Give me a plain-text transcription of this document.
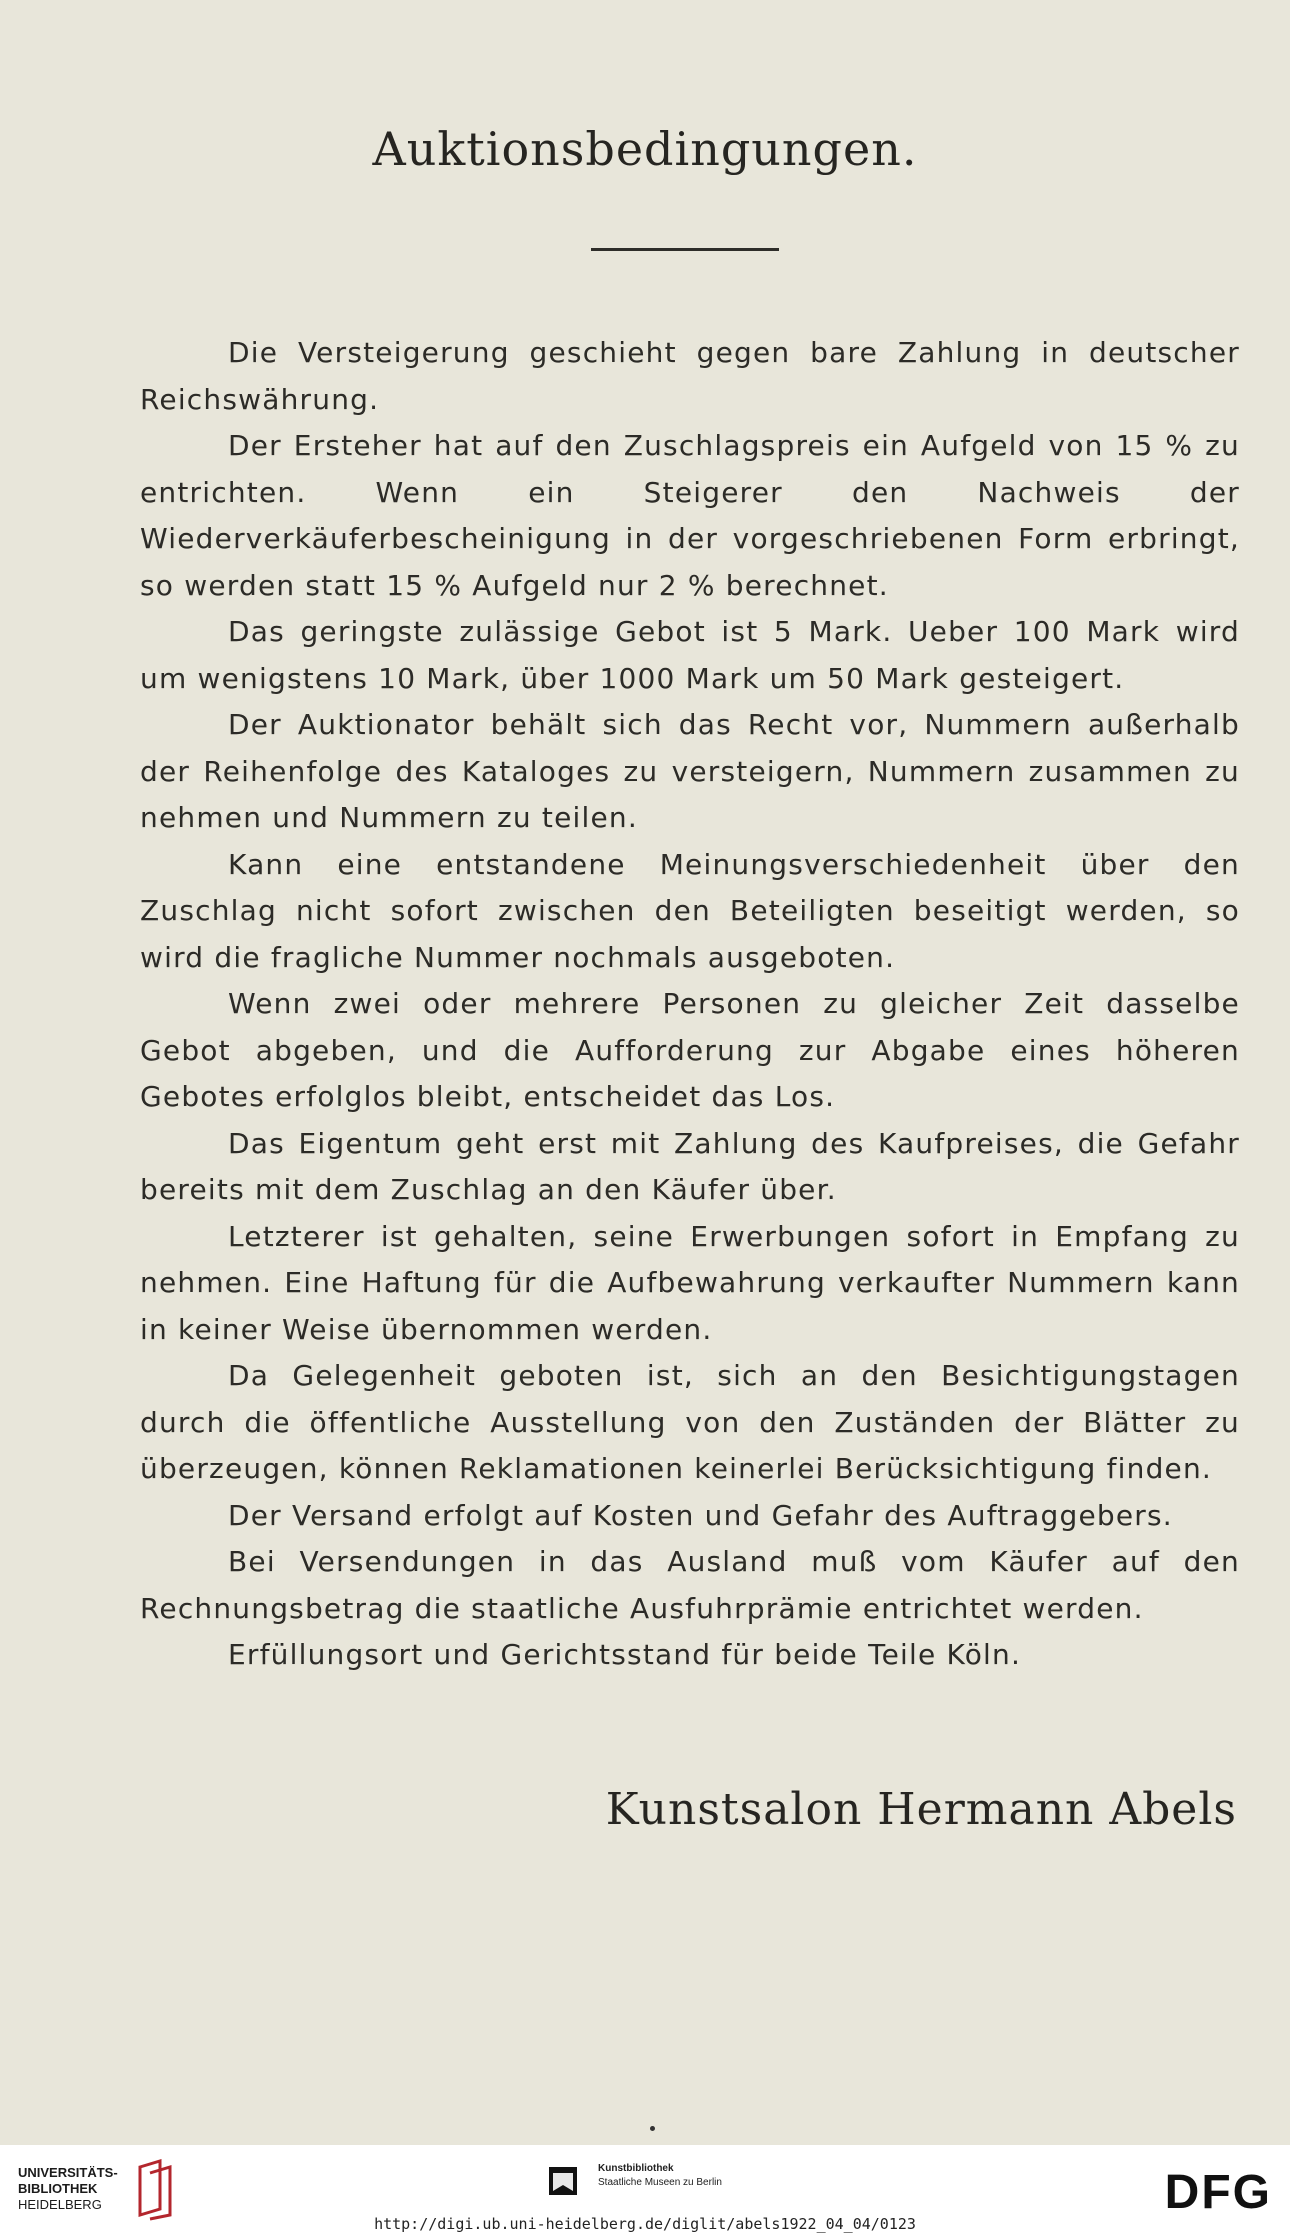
Auktionsbedingungen.

Die Versteigerung geschieht gegen bare Zahlung in deutscher Reichswährung.

Der Ersteher hat auf den Zuschlagspreis ein Aufgeld von 15 % zu entrichten. Wenn ein Steigerer den Nachweis der Wiederverkäuferbescheinigung in der vorgeschriebenen Form erbringt, so werden statt 15 % Aufgeld nur 2 % berechnet.

Das geringste zulässige Gebot ist 5 Mark. Ueber 100 Mark wird um wenigstens 10 Mark, über 1000 Mark um 50 Mark gesteigert.

Der Auktionator behält sich das Recht vor, Nummern außerhalb der Reihenfolge des Kataloges zu versteigern, Nummern zusammen zu nehmen und Nummern zu teilen.

Kann eine entstandene Meinungsverschiedenheit über den Zuschlag nicht sofort zwischen den Beteiligten beseitigt werden, so wird die fragliche Nummer nochmals ausgeboten.

Wenn zwei oder mehrere Personen zu gleicher Zeit dasselbe Gebot abgeben, und die Aufforderung zur Abgabe eines höheren Gebotes erfolglos bleibt, entscheidet das Los.

Das Eigentum geht erst mit Zahlung des Kaufpreises, die Gefahr bereits mit dem Zuschlag an den Käufer über.

Letzterer ist gehalten, seine Erwerbungen sofort in Empfang zu nehmen. Eine Haftung für die Aufbewahrung verkaufter Nummern kann in keiner Weise übernommen werden.

Da Gelegenheit geboten ist, sich an den Besichtigungstagen durch die öffentliche Ausstellung von den Zuständen der Blätter zu überzeugen, können Reklamationen keinerlei Berücksichtigung finden.

Der Versand erfolgt auf Kosten und Gefahr des Auftraggebers.

Bei Versendungen in das Ausland muß vom Käufer auf den Rechnungsbetrag die staatliche Ausfuhrprämie entrichtet werden.

Erfüllungsort und Gerichtsstand für beide Teile Köln.

Kunstsalon Hermann Abels
UNIVERSITÄTS-
BIBLIOTHEK
HEIDELBERG
Kunstbibliothek
Staatliche Museen zu Berlin	DFG
http://digi.ub.uni-heidelberg.de/diglit/abels1922_04_04/0123
